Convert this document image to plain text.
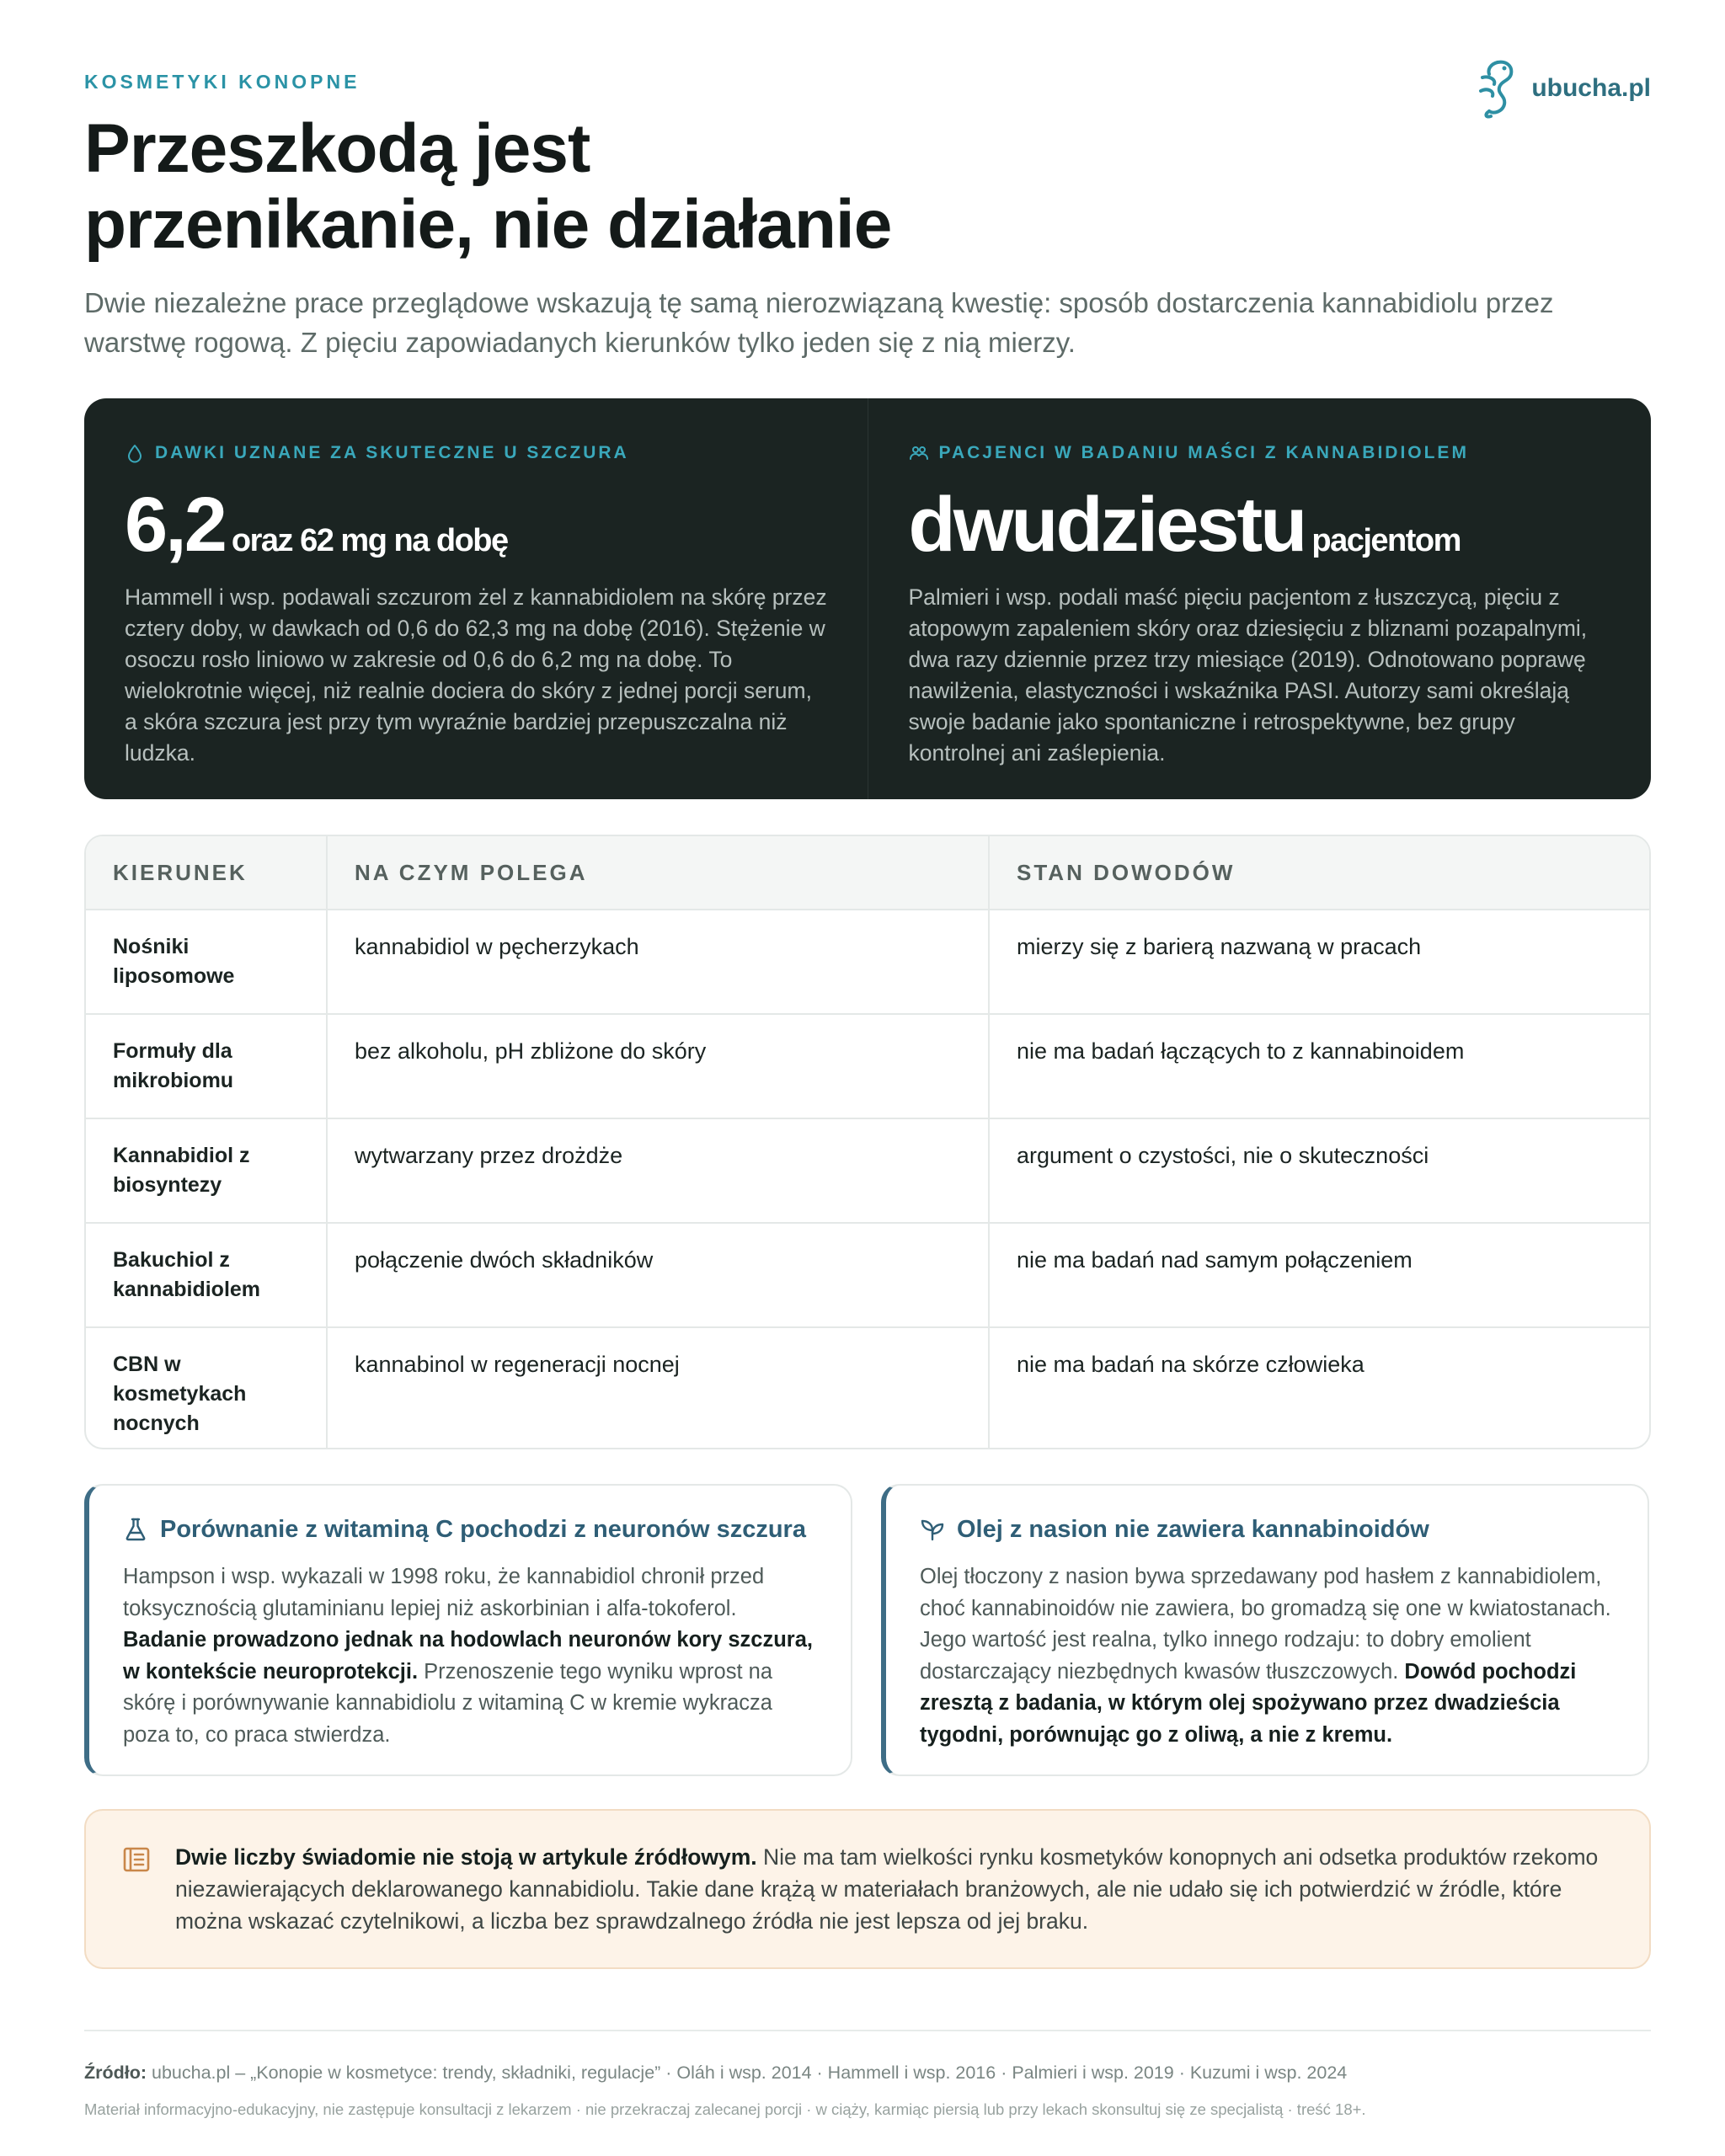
KOSMETYKI KONOPNE	ubucha.pl
Przeszkodą jest
przenikanie, nie działanie

Dwie niezależne prace przeglądowe wskazują tę samą nierozwiązaną kwestię: sposób dostarczenia kannabidiolu przez warstwę rogową. Z pięciu zapowiadanych kierunków tylko jeden się z nią mierzy.

DAWKI UZNANE ZA SKUTECZNE U SZCZURA
6,2 oraz 62 mg na dobę

Hammell i wsp. podawali szczurom żel z kannabidiolem na skórę przez cztery doby, w dawkach od 0,6 do 62,3 mg na dobę (2016). Stężenie w osoczu rosło liniowo w zakresie od 0,6 do 6,2 mg na dobę. To wielokrotnie więcej, niż realnie dociera do skóry z jednej porcji serum, a skóra szczura jest przy tym wyraźnie bardziej przepuszczalna niż ludzka.

PACJENCI W BADANIU MAŚCI Z KANNABIDIOLEM
dwudziestu pacjentom

Palmieri i wsp. podali maść pięciu pacjentom z łuszczycą, pięciu z atopowym zapaleniem skóry oraz dziesięciu z bliznami pozapalnymi, dwa razy dziennie przez trzy miesiące (2019). Odnotowano poprawę nawilżenia, elastyczności i wskaźnika PASI. Autorzy sami określają swoje badanie jako spontaniczne i retrospektywne, bez grupy kontrolnej ani zaślepienia.

KIERUNEK	NA CZYM POLEGA	STAN DOWODÓW
Nośniki liposomowe	kannabidiol w pęcherzykach	mierzy się z barierą nazwaną w pracach
Formuły dla mikrobiomu	bez alkoholu, pH zbliżone do skóry	nie ma badań łączących to z kannabinoidem
Kannabidiol z biosyntezy	wytwarzany przez drożdże	argument o czystości, nie o skuteczności
Bakuchiol z kannabidiolem	połączenie dwóch składników	nie ma badań nad samym połączeniem
CBN w kosmetykach nocnych	kannabinol w regeneracji nocnej	nie ma badań na skórze człowieka
Porównanie z witaminą C pochodzi z neuronów szczura

Hampson i wsp. wykazali w 1998 roku, że kannabidiol chronił przed toksycznością glutaminianu lepiej niż askorbinian i alfa-tokoferol. Badanie prowadzono jednak na hodowlach neuronów kory szczura, w kontekście neuroprotekcji. Przenoszenie tego wyniku wprost na skórę i porównywanie kannabidiolu z witaminą C w kremie wykracza poza to, co praca stwierdza.

Olej z nasion nie zawiera kannabinoidów

Olej tłoczony z nasion bywa sprzedawany pod hasłem z kannabidiolem, choć kannabinoidów nie zawiera, bo gromadzą się one w kwiatostanach. Jego wartość jest realna, tylko innego rodzaju: to dobry emolient dostarczający niezbędnych kwasów tłuszczowych. Dowód pochodzi zresztą z badania, w którym olej spożywano przez dwadzieścia tygodni, porównując go z oliwą, a nie z kremu.

Dwie liczby świadomie nie stoją w artykule źródłowym. Nie ma tam wielkości rynku kosmetyków konopnych ani odsetka produktów rzekomo niezawierających deklarowanego kannabidiolu. Takie dane krążą w materiałach branżowych, ale nie udało się ich potwierdzić w źródle, które można wskazać czytelnikowi, a liczba bez sprawdzalnego źródła nie jest lepsza od jej braku.

Źródło: ubucha.pl – „Konopie w kosmetyce: trendy, składniki, regulacje” · Oláh i wsp. 2014 · Hammell i wsp. 2016 · Palmieri i wsp. 2019 · Kuzumi i wsp. 2024

Materiał informacyjno-edukacyjny, nie zastępuje konsultacji z lekarzem · nie przekraczaj zalecanej porcji · w ciąży, karmiąc piersią lub przy lekach skonsultuj się ze specjalistą · treść 18+.
